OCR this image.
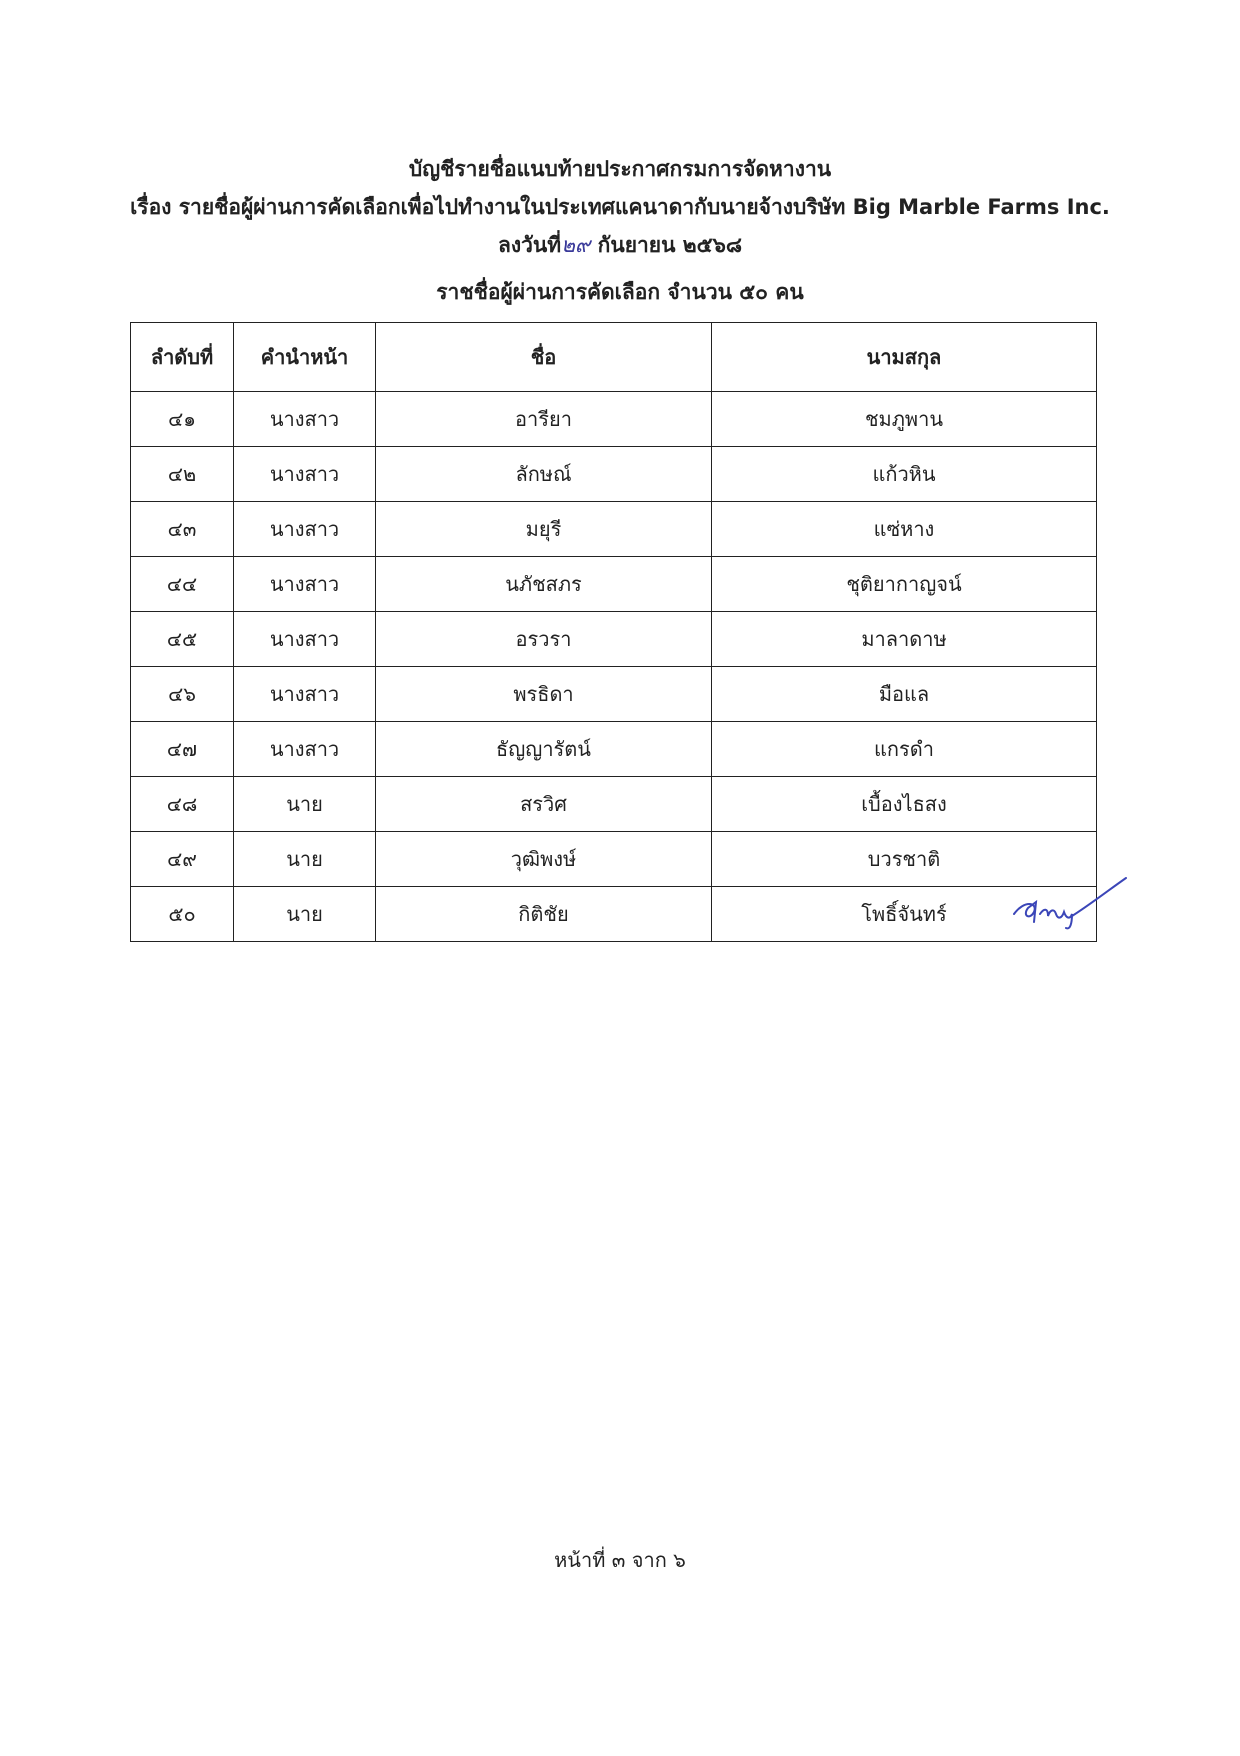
บัญชีรายชื่อแนบท้ายประกาศกรมการจัดหางาน
เรื่อง รายชื่อผู้ผ่านการคัดเลือกเพื่อไปทำงานในประเทศแคนาดากับนายจ้างบริษัท Big Marble Farms Inc.
ลงวันที่๒๙ กันยายน ๒๕๖๘
ราชชื่อผู้ผ่านการคัดเลือก จำนวน ๕๐ คน
ลำดับที่	คำนำหน้า	ชื่อ	นามสกุล
๔๑	นางสาว	อารียา	ชมภูพาน
๔๒	นางสาว	ลักษณ์	แก้วหิน
๔๓	นางสาว	มยุรี	แซ่หาง
๔๔	นางสาว	นภัชสภร	ชุติยากาญจน์
๔๕	นางสาว	อรวรา	มาลาดาษ
๔๖	นางสาว	พรธิดา	มือแล
๔๗	นางสาว	ธัญญารัตน์	แกรดำ
๔๘	นาย	สรวิศ	เบื้องไธสง
๔๙	นาย	วุฒิพงษ์	บวรชาติ
๕๐	นาย	กิติชัย	โพธิ์จันทร์
หน้าที่ ๓ จาก ๖
